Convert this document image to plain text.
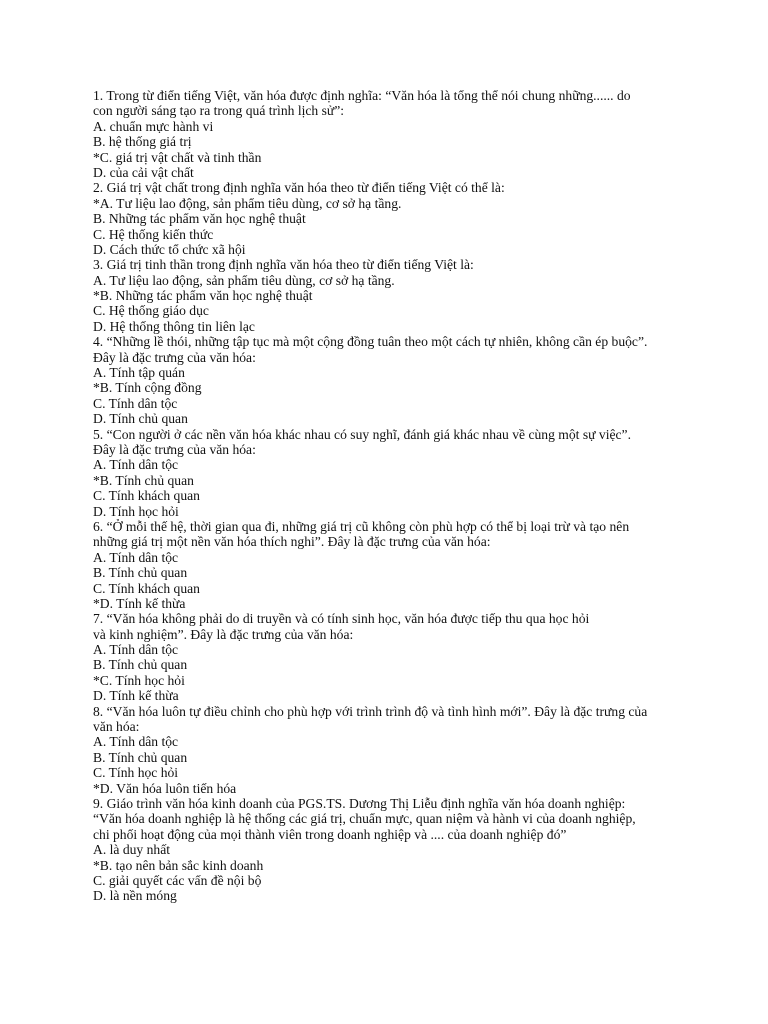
1. Trong từ điển tiếng Việt, văn hóa được định nghĩa: “Văn hóa là tổng thể nói chung những...... do
con người sáng tạo ra trong quá trình lịch sử”:
A. chuẩn mực hành vi
B. hệ thống giá trị
*C. giá trị vật chất và tinh thần
D. của cải vật chất
2. Giá trị vật chất trong định nghĩa văn hóa theo từ điển tiếng Việt có thể là:
*A. Tư liệu lao động, sản phẩm tiêu dùng, cơ sở hạ tầng.
B. Những tác phẩm văn học nghệ thuật
C. Hệ thống kiến thức
D. Cách thức tổ chức xã hội
3. Giá trị tinh thần trong định nghĩa văn hóa theo từ điển tiếng Việt là:
A. Tư liệu lao động, sản phẩm tiêu dùng, cơ sở hạ tầng.
*B. Những tác phẩm văn học nghệ thuật
C. Hệ thống giáo dục
D. Hệ thống thông tin liên lạc
4. “Những lề thói, những tập tục mà một cộng đồng tuân theo một cách tự nhiên, không cần ép buộc”.
Đây là đặc trưng của văn hóa:
A. Tính tập quán
*B. Tính cộng đồng
C. Tính dân tộc
D. Tính chủ quan
5. “Con người ở các nền văn hóa khác nhau có suy nghĩ, đánh giá khác nhau về cùng một sự việc”.
Đây là đặc trưng của văn hóa:
A. Tính dân tộc
*B. Tính chủ quan
C. Tính khách quan
D. Tính học hỏi
6. “Ở mỗi thế hệ, thời gian qua đi, những giá trị cũ không còn phù hợp có thể bị loại trừ và tạo nên
những giá trị một nền văn hóa thích nghi”. Đây là đặc trưng của văn hóa:
A. Tính dân tộc
B. Tính chủ quan
C. Tính khách quan
*D. Tính kế thừa
7. “Văn hóa không phải do di truyền và có tính sinh học, văn hóa được tiếp thu qua học hỏi
và kinh nghiệm”. Đây là đặc trưng của văn hóa:
A. Tính dân tộc
B. Tính chủ quan
*C. Tính học hỏi
D. Tính kế thừa
8. “Văn hóa luôn tự điều chỉnh cho phù hợp với trình trình độ và tình hình mới”. Đây là đặc trưng của
văn hóa:
A. Tính dân tộc
B. Tính chủ quan
C. Tính học hỏi
*D. Văn hóa luôn tiến hóa
9. Giáo trình văn hóa kinh doanh của PGS.TS. Dương Thị Liễu định nghĩa văn hóa doanh nghiệp:
“Văn hóa doanh nghiệp là hệ thống các giá trị, chuẩn mực, quan niệm và hành vi của doanh nghiệp,
chi phối hoạt động của mọi thành viên trong doanh nghiệp và .... của doanh nghiệp đó”
A. là duy nhất
*B. tạo nên bản sắc kinh doanh
C. giải quyết các vấn đề nội bộ
D. là nền móng
